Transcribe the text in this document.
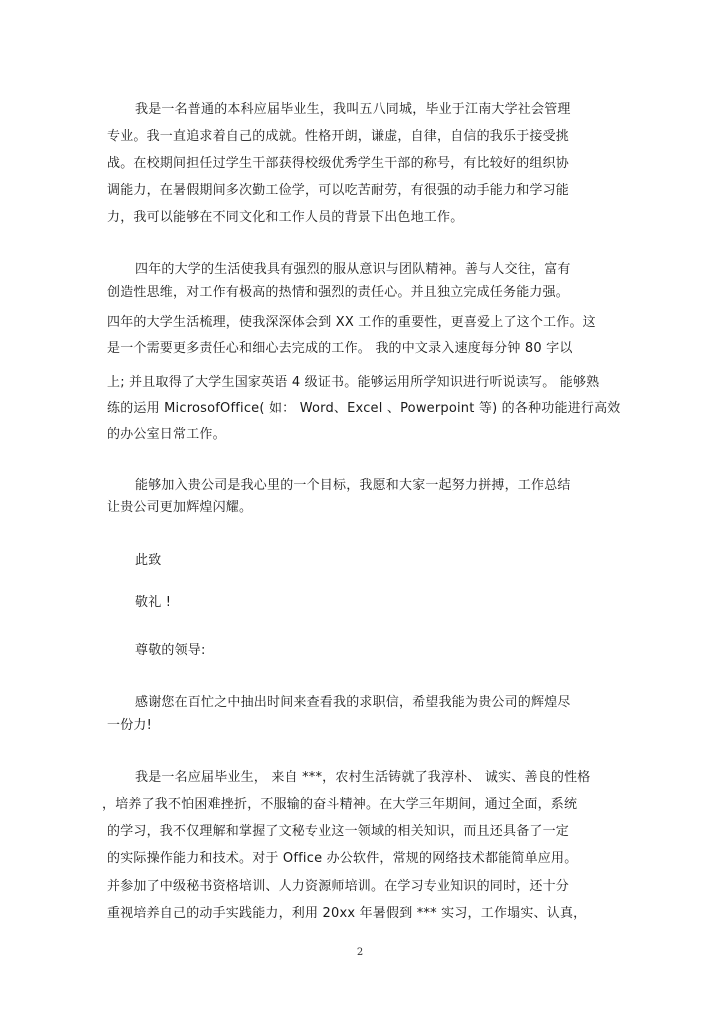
我是一名普通的本科应届毕业生，我叫五八同城，毕业于江南大学社会管理
专业。我一直追求着自己的成就。性格开朗，谦虚，自律，自信的我乐于接受挑
战。在校期间担任过学生干部获得校级优秀学生干部的称号，有比较好的组织协
调能力，在暑假期间多次勤工俭学，可以吃苦耐劳，有很强的动手能力和学习能
力，我可以能够在不同文化和工作人员的背景下出色地工作。
四年的大学的生活使我具有强烈的服从意识与团队精神。善与人交往，富有
创造性思维，对工作有极高的热情和强烈的责任心。并且独立完成任务能力强。
四年的大学生活梳理，使我深深体会到 XX 工作的重要性，更喜爱上了这个工作。这
是一个需要更多责任心和细心去完成的工作。 我的中文录入速度每分钟 80 字以
上; 并且取得了大学生国家英语 4 级证书。能够运用所学知识进行听说读写。 能够熟
练的运用 MicrosofOffice( 如： Word、Excel 、Powerpoint 等) 的各种功能进行高效
的办公室日常工作。
能够加入贵公司是我心里的一个目标，我愿和大家一起努力拼搏，工作总结
让贵公司更加辉煌闪耀。
此致
敬礼 !
尊敬的领导:
感谢您在百忙之中抽出时间来查看我的求职信，希望我能为贵公司的辉煌尽
一份力!
我是一名应届毕业生， 来自 ***，农村生活铸就了我淳朴、 诚实、善良的性格
，培养了我不怕困难挫折，不服输的奋斗精神。在大学三年期间，通过全面，系统
的学习，我不仅理解和掌握了文秘专业这一领域的相关知识，而且还具备了一定
的实际操作能力和技术。对于 Office 办公软件，常规的网络技术都能简单应用。
并参加了中级秘书资格培训、人力资源师培训。在学习专业知识的同时，还十分
重视培养自己的动手实践能力，利用 20xx 年暑假到 *** 实习，工作塌实、认真，
2
